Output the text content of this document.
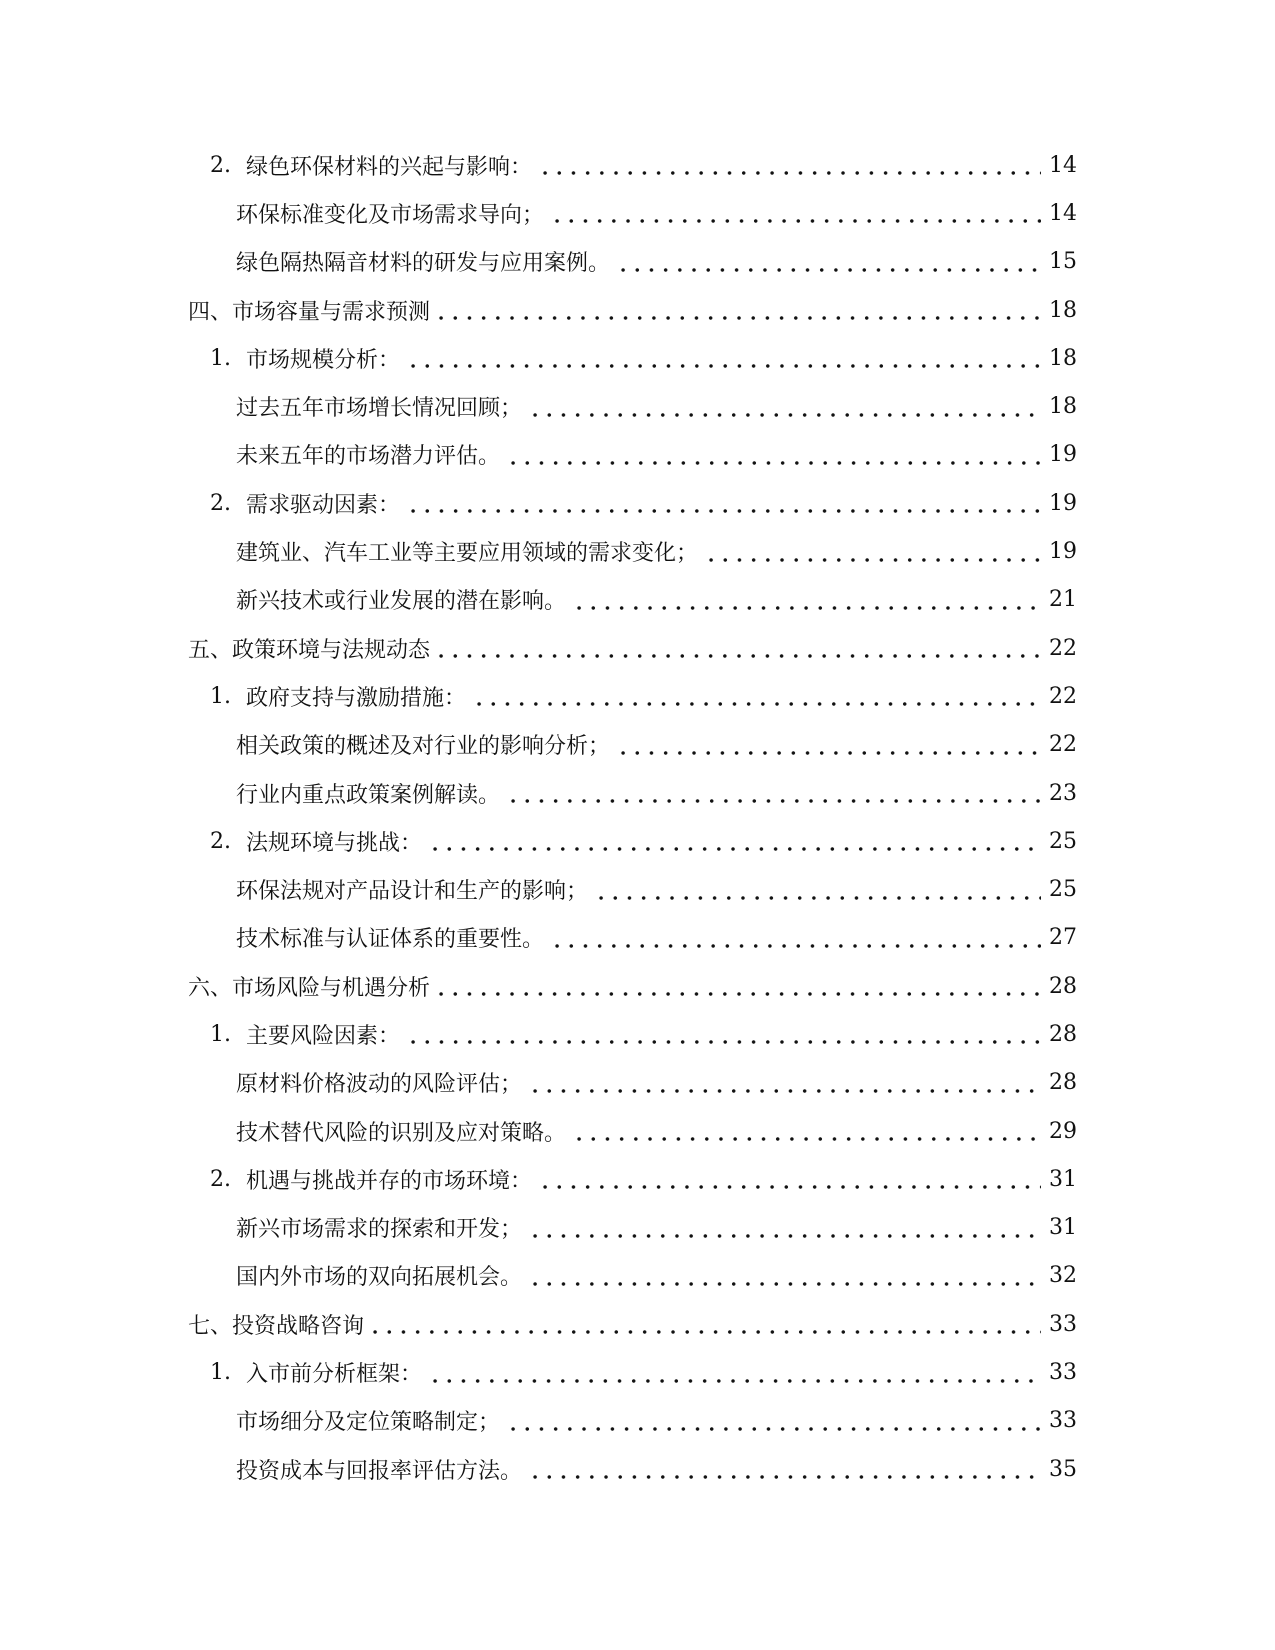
2. 绿色环保材料的兴起与影响：	14
环保标准变化及市场需求导向；	14
绿色隔热隔音材料的研发与应用案例。	15
四、市场容量与需求预测	18
1. 市场规模分析：	18
过去五年市场增长情况回顾；	18
未来五年的市场潜力评估。	19
2. 需求驱动因素：	19
建筑业、汽车工业等主要应用领域的需求变化；	19
新兴技术或行业发展的潜在影响。	21
五、政策环境与法规动态	22
1. 政府支持与激励措施：	22
相关政策的概述及对行业的影响分析；	22
行业内重点政策案例解读。	23
2. 法规环境与挑战：	25
环保法规对产品设计和生产的影响；	25
技术标准与认证体系的重要性。	27
六、市场风险与机遇分析	28
1. 主要风险因素：	28
原材料价格波动的风险评估；	28
技术替代风险的识别及应对策略。	29
2. 机遇与挑战并存的市场环境：	31
新兴市场需求的探索和开发；	31
国内外市场的双向拓展机会。	32
七、投资战略咨询	33
1. 入市前分析框架：	33
市场细分及定位策略制定；	33
投资成本与回报率评估方法。	35
